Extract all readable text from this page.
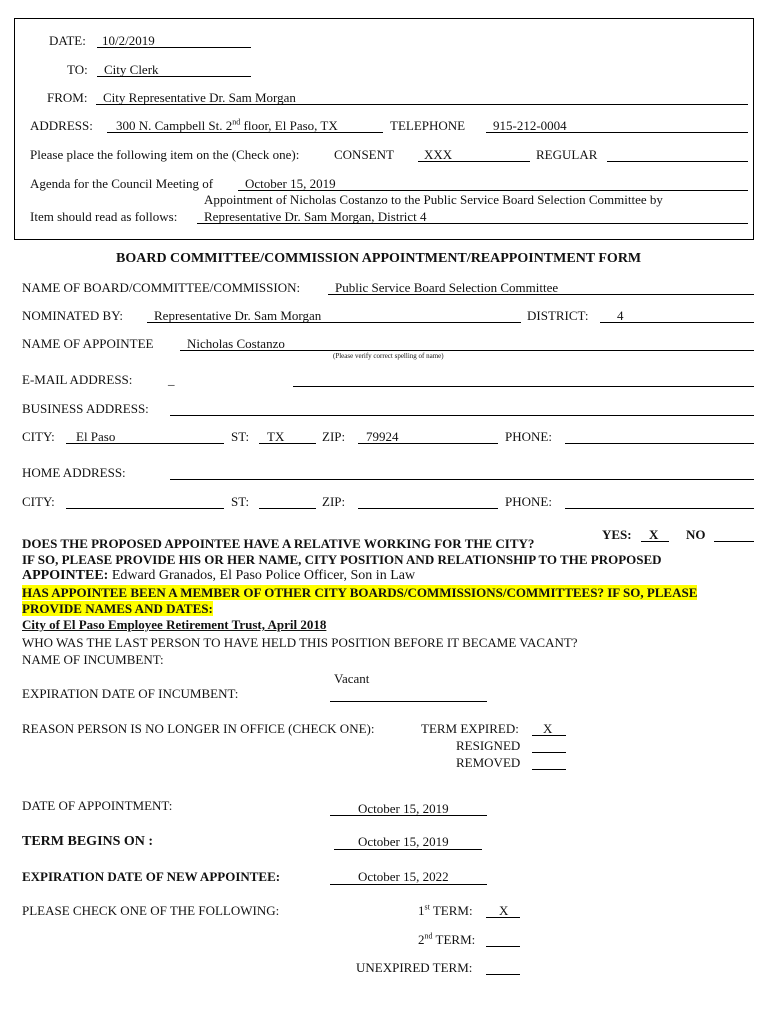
DATE: 10/2/2019
TO: City Clerk
FROM: City Representative Dr. Sam Morgan
ADDRESS: 300 N. Campbell St. 2nd floor, El Paso, TX	TELEPHONE 915-212-0004
Please place the following item on the (Check one):	CONSENT XXX	REGULAR
Agenda for the Council Meeting of October 15, 2019
Appointment of Nicholas Costanzo to the Public Service Board Selection Committee by
Item should read as follows: Representative Dr. Sam Morgan, District 4
BOARD COMMITTEE/COMMISSION APPOINTMENT/REAPPOINTMENT FORM
NAME OF BOARD/COMMITTEE/COMMISSION:	Public Service Board Selection Committee
NOMINATED BY: Representative Dr. Sam Morgan	DISTRICT: 4
NAME OF APPOINTEE	Nicholas Costanzo
(Please verify correct spelling of name)
E-MAIL ADDRESS:	_
BUSINESS ADDRESS:
CITY: El Paso	ST: TX	ZIP: 79924	PHONE:
HOME ADDRESS:
CITY:	ST:	ZIP:	PHONE:
YES: X NO
DOES THE PROPOSED APPOINTEE HAVE A RELATIVE WORKING FOR THE CITY?
IF SO, PLEASE PROVIDE HIS OR HER NAME, CITY POSITION AND RELATIONSHIP TO THE PROPOSED
APPOINTEE: Edward Granados, El Paso Police Officer, Son in Law
HAS APPOINTEE BEEN A MEMBER OF OTHER CITY BOARDS/COMMISSIONS/COMMITTEES? IF SO, PLEASE
PROVIDE NAMES AND DATES:
City of El Paso Employee Retirement Trust, April 2018
WHO WAS THE LAST PERSON TO HAVE HELD THIS POSITION BEFORE IT BECAME VACANT?
NAME OF INCUMBENT:
Vacant
EXPIRATION DATE OF INCUMBENT:
REASON PERSON IS NO LONGER IN OFFICE (CHECK ONE):	TERM EXPIRED: X
RESIGNED
REMOVED
DATE OF APPOINTMENT:	October 15, 2019
TERM BEGINS ON :	October 15, 2019
EXPIRATION DATE OF NEW APPOINTEE:	October 15, 2022
PLEASE CHECK ONE OF THE FOLLOWING:	1st TERM: X
2nd TERM:
UNEXPIRED TERM:
